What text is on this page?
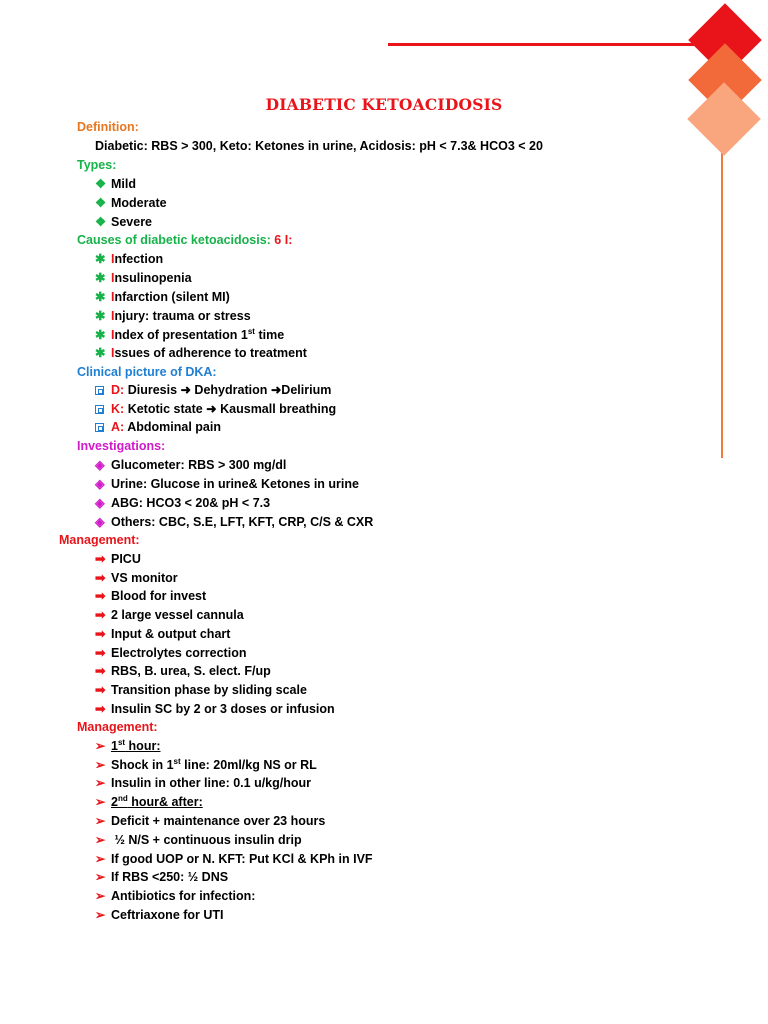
DIABETIC KETOACIDOSIS
Definition:
Diabetic: RBS > 300, Keto: Ketones in urine, Acidosis: pH < 7.3& HCO3 < 20
Types:
❖ Mild
❖ Moderate
❖ Severe
Causes of diabetic ketoacidosis: 6 I:
✱ Infection
✱ Insulinopenia
✱ Infarction (silent MI)
✱ Injury: trauma or stress
✱ Index of presentation 1st time
✱ Issues of adherence to treatment
Clinical picture of DKA:
D: Diuresis ➜ Dehydration ➜Delirium
K: Ketotic state ➜ Kausmall breathing
A: Abdominal pain
Investigations:
◈ Glucometer: RBS > 300 mg/dl
◈ Urine: Glucose in urine& Ketones in urine
◈ ABG: HCO3 < 20& pH < 7.3
◈ Others: CBC, S.E, LFT, KFT, CRP, C/S & CXR
Management:
➡ PICU
➡ VS monitor
➡ Blood for invest
➡ 2 large vessel cannula
➡ Input & output chart
➡ Electrolytes correction
➡ RBS, B. urea, S. elect. F/up
➡ Transition phase by sliding scale
➡ Insulin SC by 2 or 3 doses or infusion
Management:
➢ 1st hour:
➢ Shock in 1st line: 20ml/kg NS or RL
➢ Insulin in other line: 0.1 u/kg/hour
➢ 2nd hour& after:
➢ Deficit + maintenance over 23 hours
➢ ½ N/S + continuous insulin drip
➢ If good UOP or N. KFT: Put KCl & KPh in IVF
➢ If RBS <250: ½ DNS
➢ Antibiotics for infection:
➢ Ceftriaxone for UTI
